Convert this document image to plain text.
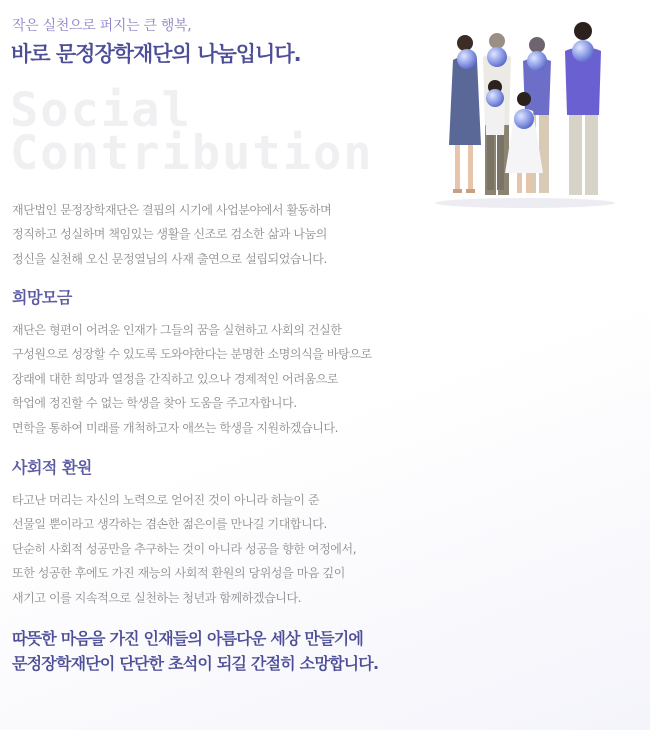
작은 실천으로 퍼지는 큰 행복,
바로 문정장학재단의 나눔입니다.
Social
Contribution
재단법인 문정장학재단은 결핍의 시기에 사업분야에서 활동하며
정직하고 성실하며 책임있는 생활을 신조로 검소한 삶과 나눔의
정신을 실천해 오신 문정열님의 사재 출연으로 설립되었습니다.
희망모금
재단은 형편이 어려운 인재가 그들의 꿈을 실현하고 사회의 건실한
구성원으로 성장할 수 있도록 도와야한다는 분명한 소명의식을 바탕으로
장래에 대한 희망과 열정을 간직하고 있으나 경제적인 어려움으로
학업에 정진할 수 없는 학생을 찾아 도움을 주고자합니다.
면학을 통하여 미래를 개척하고자 애쓰는 학생을 지원하겠습니다.
사회적 환원
타고난 머리는 자신의 노력으로 얻어진 것이 아니라 하늘이 준
선물일 뿐이라고 생각하는 겸손한 젊은이를 만나길 기대합니다.
단순히 사회적 성공만을 추구하는 것이 아니라 성공을 향한 여정에서,
또한 성공한 후에도 가진 재능의 사회적 환원의 당위성을 마음 깊이
새기고 이를 지속적으로 실천하는 청년과 함께하겠습니다.
따뜻한 마음을 가진 인재들의 아름다운 세상 만들기에
문정장학재단이 단단한 초석이 되길 간절히 소망합니다.
